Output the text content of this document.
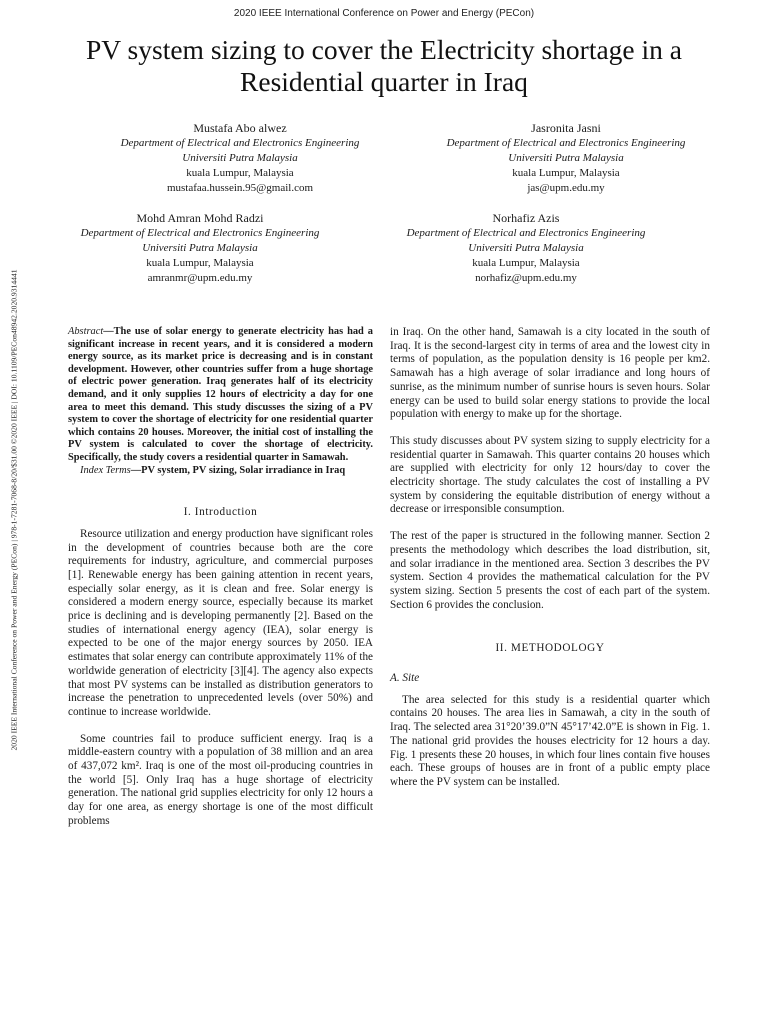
2020 IEEE International Conference on Power and Energy (PECon)
PV system sizing to cover the Electricity shortage in a Residential quarter in Iraq
Mustafa Abo alwez
Department of Electrical and Electronics Engineering
Universiti Putra Malaysia
kuala Lumpur, Malaysia
mustafaa.hussein.95@gmail.com
Jasronita Jasni
Department of Electrical and Electronics Engineering
Universiti Putra Malaysia
kuala Lumpur, Malaysia
jas@upm.edu.my
Mohd Amran Mohd Radzi
Department of Electrical and Electronics Engineering
Universiti Putra Malaysia
kuala Lumpur, Malaysia
amranmr@upm.edu.my
Norhafiz Azis
Department of Electrical and Electronics Engineering
Universiti Putra Malaysia
kuala Lumpur, Malaysia
norhafiz@upm.edu.my
2020 IEEE International Conference on Power and Energy (PECon) | 978-1-7281-7068-8/20/$31.00 ©2020 IEEE | DOI: 10.1109/PECon48942.2020.9314441	Abstract—The use of solar energy to generate electricity has had a significant increase in recent years, and it is considered a modern energy source, as its market price is decreasing and is in constant development. However, other countries suffer from a huge shortage of electric power generation. Iraq generates half of its electricity demand, and it only supplies 12 hours of electricity a day for one area to meet this demand. This study discusses the sizing of a PV system to cover the shortage of electricity for one residential quarter which contains 20 houses. Moreover, the initial cost of installing the PV system is calculated to cover the shortage of electricity. Specifically, the study covers a residential quarter in Samawah.

Index Terms—PV system, PV sizing, Solar irradiance in Iraq

I. Introduction

Resource utilization and energy production have significant roles in the development of countries because both are the core requirements for industry, agriculture, and commercial purposes [1]. Renewable energy has been gaining attention in recent years, especially solar energy, as it is clean and free. Solar energy is considered a modern energy source, especially because its market price is declining and is developing permanently [2]. Based on the studies of international energy agency (IEA), solar energy is expected to be one of the major energy sources by 2050. IEA estimates that solar energy can contribute approximately 11% of the worldwide generation of electricity [3][4]. The agency also expects that most PV systems can be installed as distribution generators to increase the penetration to unprecedented levels (over 50%) and continue to increase worldwide.

Some countries fail to produce sufficient energy. Iraq is a middle-eastern country with a population of 38 million and an area of 437,072 km². Iraq is one of the most oil-producing countries in the world [5]. Only Iraq has a huge shortage of electricity generation. The national grid supplies electricity for only 12 hours a day for one area, as energy shortage is one of the most difficult problems

in Iraq. On the other hand, Samawah is a city located in the south of Iraq. It is the second-largest city in terms of area and the lowest city in terms of population, as the population density is 16 people per km2. Samawah has a high average of solar irradiance and long hours of sunrise, as the minimum number of sunrise hours is seven hours. Solar energy can be used to build solar energy stations to provide the local population with energy to make up for the shortage.

This study discusses about PV system sizing to supply electricity for a residential quarter in Samawah. This quarter contains 20 houses which are supplied with electricity for only 12 hours/day to cover the electricity shortage. The study calculates the cost of installing a PV system by considering the equitable distribution of energy without a decrease or irresponsible consumption.

The rest of the paper is structured in the following manner. Section 2 presents the methodology which describes the load distribution, sit, and solar irradiance in the mentioned area. Section 3 describes the PV system. Section 4 provides the mathematical calculation for the PV system sizing. Section 5 presents the cost of each part of the system. Section 6 provides the conclusion.

II. METHODOLOGY

A. Site

The area selected for this study is a residential quarter which contains 20 houses. The area lies in Samawah, a city in the south of Iraq. The selected area 31°20’39.0”N 45°17’42.0”E is shown in Fig. 1. The national grid provides the houses electricity for 12 hours a day. Fig. 1 presents these 20 houses, in which four lines contain five houses each. These groups of houses are in front of a public empty place where the PV system can be installed.
